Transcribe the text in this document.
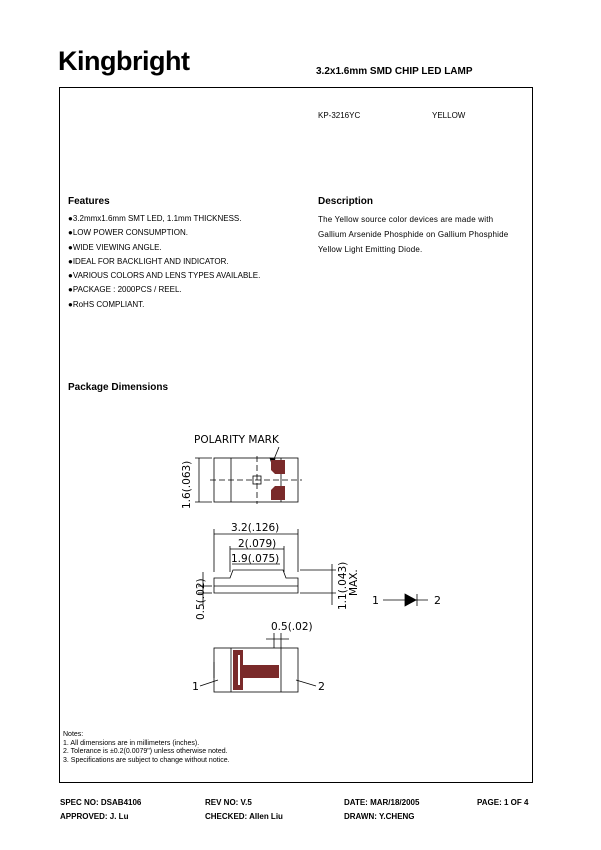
Kingbright	3.2x1.6mm SMD CHIP LED LAMP
KP-3216YC	YELLOW
Features
●3.2mmx1.6mm SMT LED, 1.1mm THICKNESS.
●LOW POWER CONSUMPTION.
●WIDE VIEWING ANGLE.
●IDEAL FOR BACKLIGHT AND INDICATOR.
●VARIOUS COLORS AND LENS TYPES AVAILABLE.
●PACKAGE : 2000PCS / REEL.
●RoHS COMPLIANT.
Description
The Yellow source color devices are made with
Gallium Arsenide Phosphide on Gallium Phosphide
Yellow Light Emitting Diode.
Package Dimensions
POLARITY MARK
1.6(.063)
3.2(.126)
2(.079)
1.9(.075)
0.5(.02)	1.1(.043) MAX.
0.5(.02)
1	2
1	2
Notes:
1. All dimensions are in millimeters (inches).
2. Tolerance is ±0.2(0.0079") unless otherwise noted.
3. Specifications are subject to change without notice.
SPEC NO: DSAB4106	REV NO: V.5	DATE: MAR/18/2005	PAGE: 1 OF 4
APPROVED: J. Lu	CHECKED: Allen Liu	DRAWN: Y.CHENG
